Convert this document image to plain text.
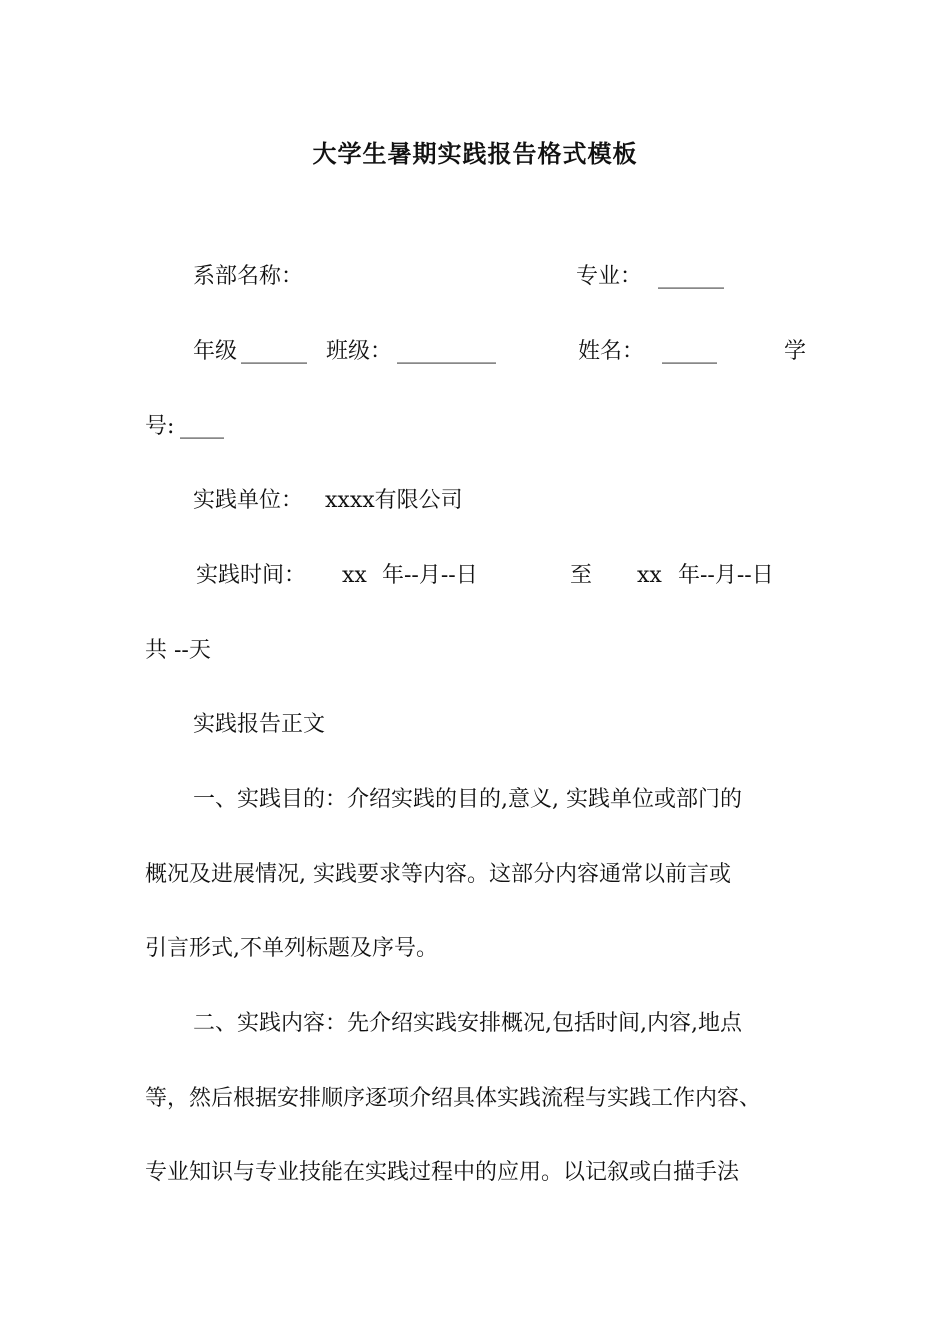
大学生暑期实践报告格式模板
系部名称：	专业： ______
年级 ______ 班级： _________	姓名： _____	学
号: ____
实践单位： xxxx有限公司
实践时间： xx 年--月--日	至 xx 年--月--日
共 --天
实践报告正文
一、实践目的：介绍实践的目的,意义, 实践单位或部门的
概况及进展情况, 实践要求等内容。这部分内容通常以前言或
引言形式,不单列标题及序号。
二、实践内容：先介绍实践安排概况,包括时间,内容,地点
等，然后根据安排顺序逐项介绍具体实践流程与实践工作内容、
专业知识与专业技能在实践过程中的应用。以记叙或白描手法
